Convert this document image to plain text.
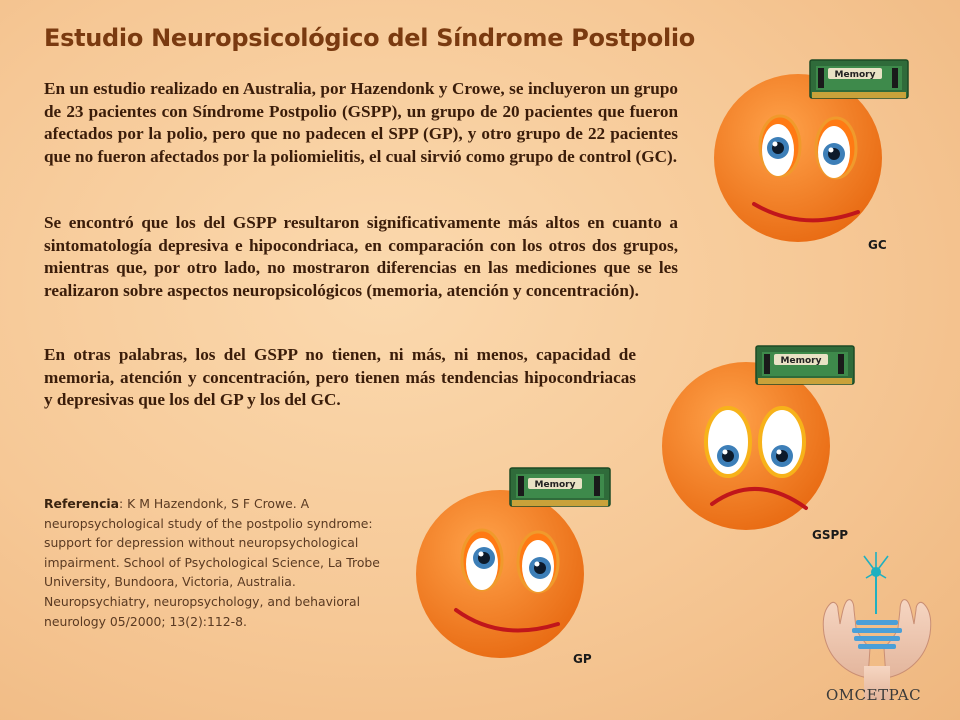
Estudio Neuropsicológico del Síndrome Postpolio

En un estudio realizado en Australia, por Hazendonk y Crowe, se incluyeron un grupo de 23 pacientes con Síndrome Postpolio (GSPP), un grupo de 20 pacientes que fueron afectados por la polio, pero que no padecen el SPP (GP), y otro grupo de 22 pacientes que no fueron afectados por la poliomielitis, el cual sirvió como grupo de control (GC).

Se encontró que los del GSPP resultaron significativamente más altos en cuanto a sintomatología depresiva e hipocondriaca, en comparación con los otros dos grupos, mientras que, por otro lado, no mostraron diferencias en las mediciones que se les realizaron sobre aspectos neuropsicológicos (memoria, atención y concentración).

En otras palabras, los del GSPP no tienen, ni más, ni menos, capacidad de memoria, atención y concentración, pero tienen más tendencias hipocondriacas y depresivas que los del GP y los del GC.

Referencia: K M Hazendonk, S F Crowe. A neuropsychological study of the postpolio syndrome: support for depression without neuropsychological impairment. School of Psychological Science, La Trobe University, Bundoora, Victoria, Australia. Neuropsychiatry, neuropsychology, and behavioral neurology 05/2000; 13(2):112-8.

Memory
GC
Memory
GSPP
Memory
GP
OMCETPAC
